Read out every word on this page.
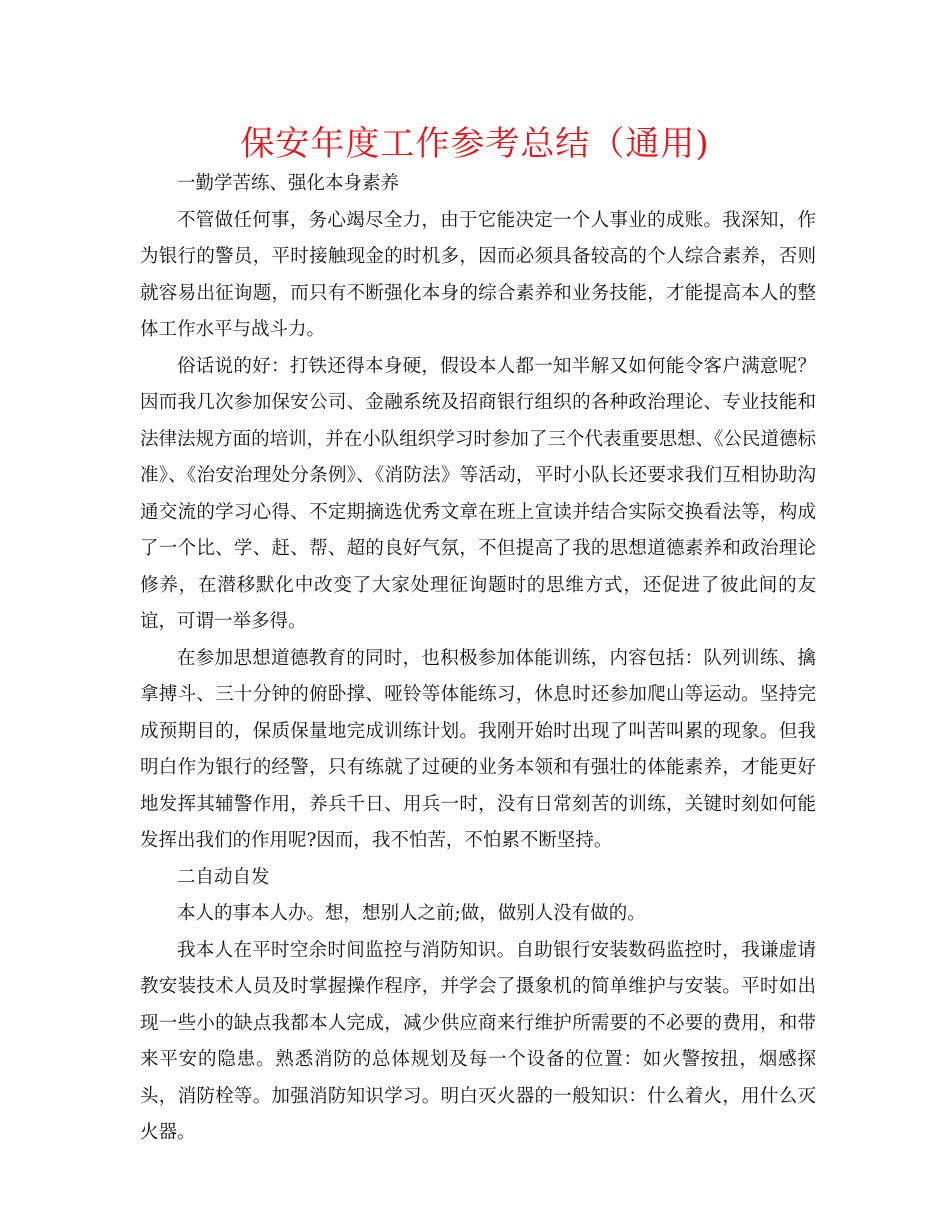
保安年度工作参考总结（通用)

一勤学苦练、强化本身素养

不管做任何事，务心竭尽全力，由于它能决定一个人事业的成账。我深知，作为银行的警员，平时接触现金的时机多，因而必须具备较高的个人综合素养，否则就容易出征询题，而只有不断强化本身的综合素养和业务技能，才能提高本人的整体工作水平与战斗力。

俗话说的好：打铁还得本身硬，假设本人都一知半解又如何能令客户满意呢？因而我几次参加保安公司、金融系统及招商银行组织的各种政治理论、专业技能和法律法规方面的培训，并在小队组织学习时参加了三个代表重要思想、《公民道德标准》、《治安治理处分条例》、《消防法》等活动，平时小队长还要求我们互相协助沟通交流的学习心得、不定期摘选优秀文章在班上宣读并结合实际交换看法等，构成了一个比、学、赶、帮、超的良好气氛，不但提高了我的思想道德素养和政治理论修养，在潜移默化中改变了大家处理征询题时的思维方式，还促进了彼此间的友谊，可谓一举多得。

在参加思想道德教育的同时，也积极参加体能训练，内容包括：队列训练、擒拿搏斗、三十分钟的俯卧撑、哑铃等体能练习，休息时还参加爬山等运动。坚持完成预期目的，保质保量地完成训练计划。我刚开始时出现了叫苦叫累的现象。但我明白作为银行的经警，只有练就了过硬的业务本领和有强壮的体能素养，才能更好地发挥其辅警作用，养兵千日、用兵一时，没有日常刻苦的训练，关键时刻如何能发挥出我们的作用呢?因而，我不怕苦，不怕累不断坚持。

二自动自发

本人的事本人办。想，想别人之前;做，做别人没有做的。

我本人在平时空余时间监控与消防知识。自助银行安装数码监控时，我谦虚请教安装技术人员及时掌握操作程序，并学会了摄象机的简单维护与安装。平时如出现一些小的缺点我都本人完成，减少供应商来行维护所需要的不必要的费用，和带来平安的隐患。熟悉消防的总体规划及每一个设备的位置：如火警按扭，烟感探头，消防栓等。加强消防知识学习。明白灭火器的一般知识：什么着火，用什么灭火器。
